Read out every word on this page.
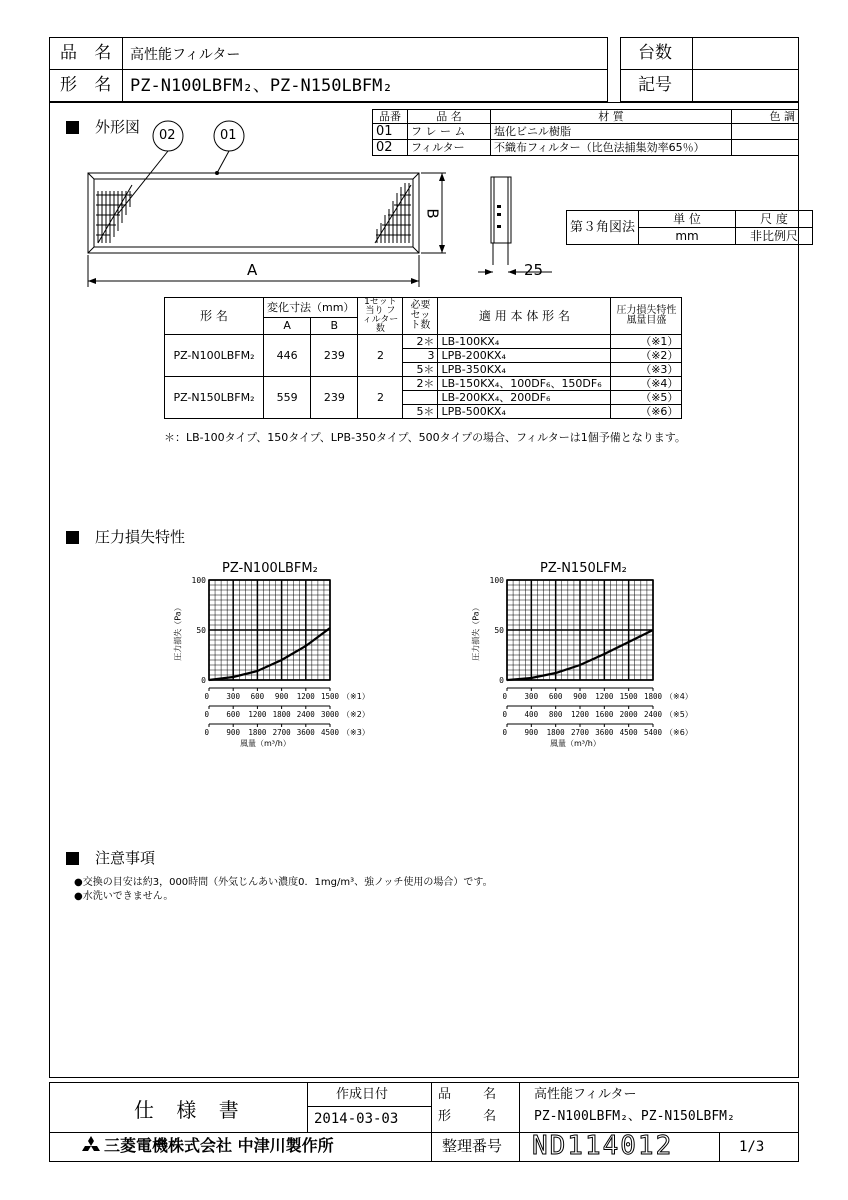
品 名 高性能フィルター
形 名 PZ-N100LBFM₂、PZ-N150LBFM₂
台数
記号
品番	品 名	材 質	色 調
01	フ レ ー ム	塩化ビニル樹脂	
02	フィルター	不織布フィルター（比色法捕集効率65％）	
外形図 02	01
A
B
25
第３角図法	単 位	尺 度
	mm	非比例尺
形 名	変化寸法（mm）		1セット当り フィルター数	必要 セット数	適 用 本 体 形 名	圧力損失特性 風量目盛
	A	B				
PZ-N100LBFM₂	446	239	2	2＊	LB-100KX₄	（※1）
				3	LPB-200KX₄	（※2）
				5＊	LPB-350KX₄	（※3）
PZ-N150LBFM₂	559	239	2	2＊	LB-150KX₄、100DF₆、150DF₆	（※4）
					LB-200KX₄、200DF₆	（※5）
				5＊	LPB-500KX₄	（※6）
＊：LB-100タイプ、150タイプ、LPB-350タイプ、500タイプの場合、フィルターは1個予備となります。
圧力損失特性
PZ-N100LBFM₂	PZ-N150LFM₂
圧力損失（Pa）	圧力損失（Pa）
風量（m³/h）	風量（m³/h）
100
50
0
0 300 600 900 1200 1500 （※1）
0 600 1200 1800 2400 3000 （※2）
0 900 1800 2700 3600 4500 （※3）
100
50
0
0 300 600 900 1200 1500 1800 （※4）
0 400 800 1200 1600 2000 2400 （※5）
0 900 1800 2700 3600 4500 5400 （※6）
注意事項
●交換の目安は約3，000時間（外気じんあい濃度0．1mg/m³、強ノッチ使用の場合）です。
●水洗いできません。
仕 様 書
作成日付
2014-03-03
品 名
形 名
高性能フィルター
PZ-N100LBFM₂、PZ-N150LBFM₂
三菱電機株式会社 中津川製作所	整理番号 ND114012	1/3
